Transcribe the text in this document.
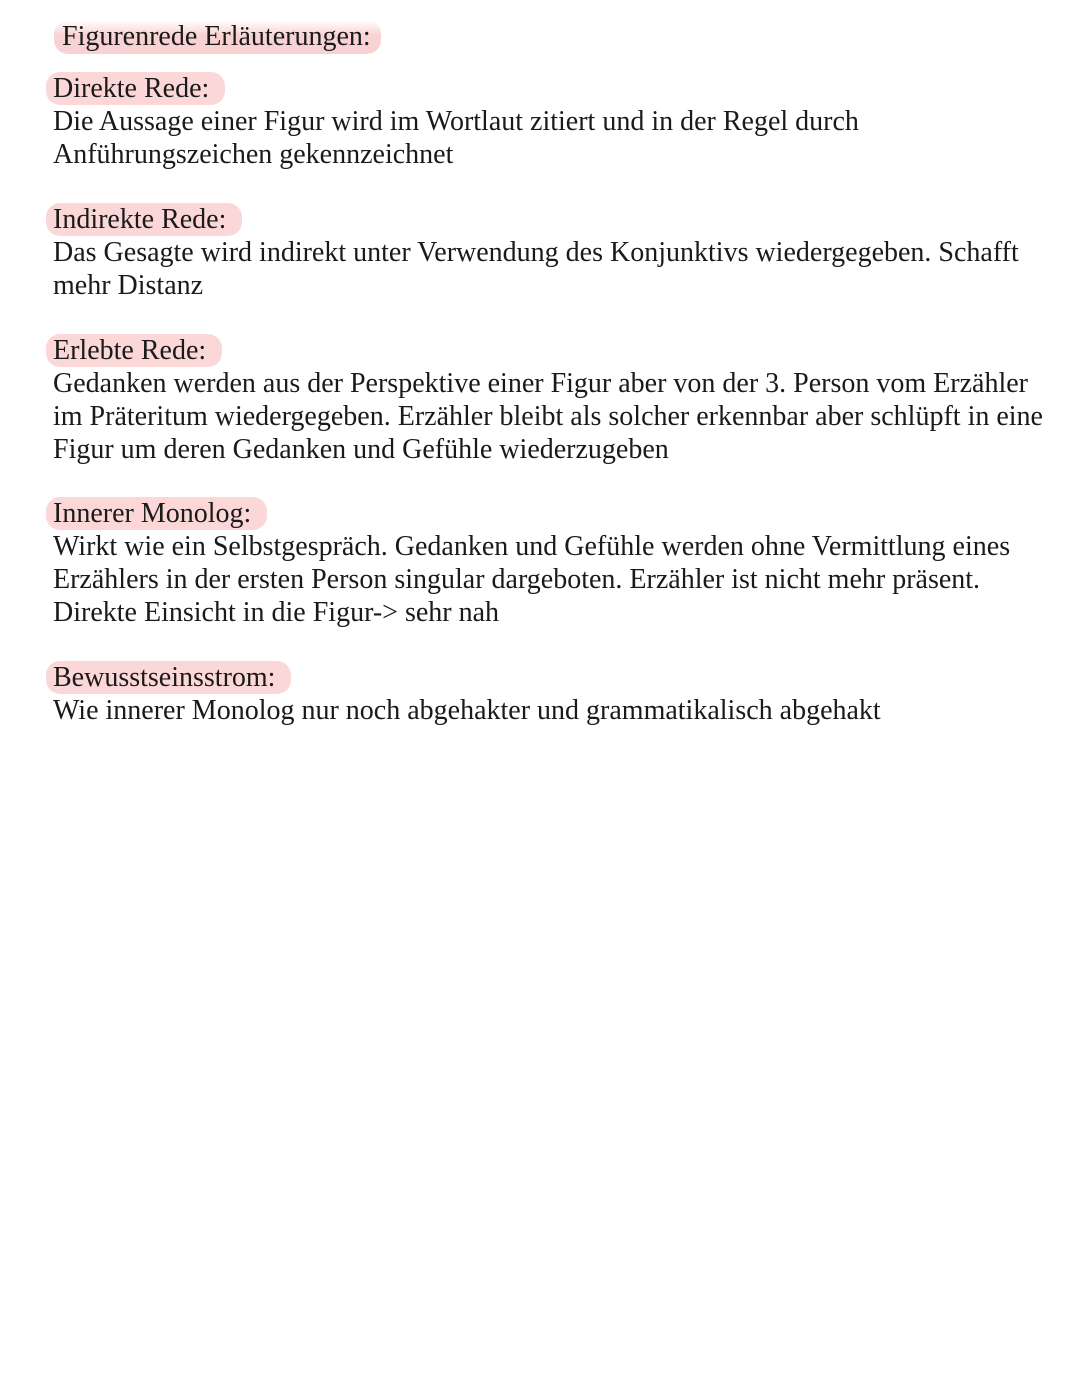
Figurenrede Erläuterungen:
Direkte Rede:

Die Aussage einer Figur wird im Wortlaut zitiert und in der Regel durch
Anführungszeichen gekennzeichnet

Indirekte Rede:

Das Gesagte wird indirekt unter Verwendung des Konjunktivs wiedergegeben. Schafft
mehr Distanz

Erlebte Rede:

Gedanken werden aus der Perspektive einer Figur aber von der 3. Person vom Erzähler
im Präteritum wiedergegeben. Erzähler bleibt als solcher erkennbar aber schlüpft in eine
Figur um deren Gedanken und Gefühle wiederzugeben

Innerer Monolog:

Wirkt wie ein Selbstgespräch. Gedanken und Gefühle werden ohne Vermittlung eines
Erzählers in der ersten Person singular dargeboten. Erzähler ist nicht mehr präsent.
Direkte Einsicht in die Figur-> sehr nah

Bewusstseinsstrom:

Wie innerer Monolog nur noch abgehakter und grammatikalisch abgehakt
